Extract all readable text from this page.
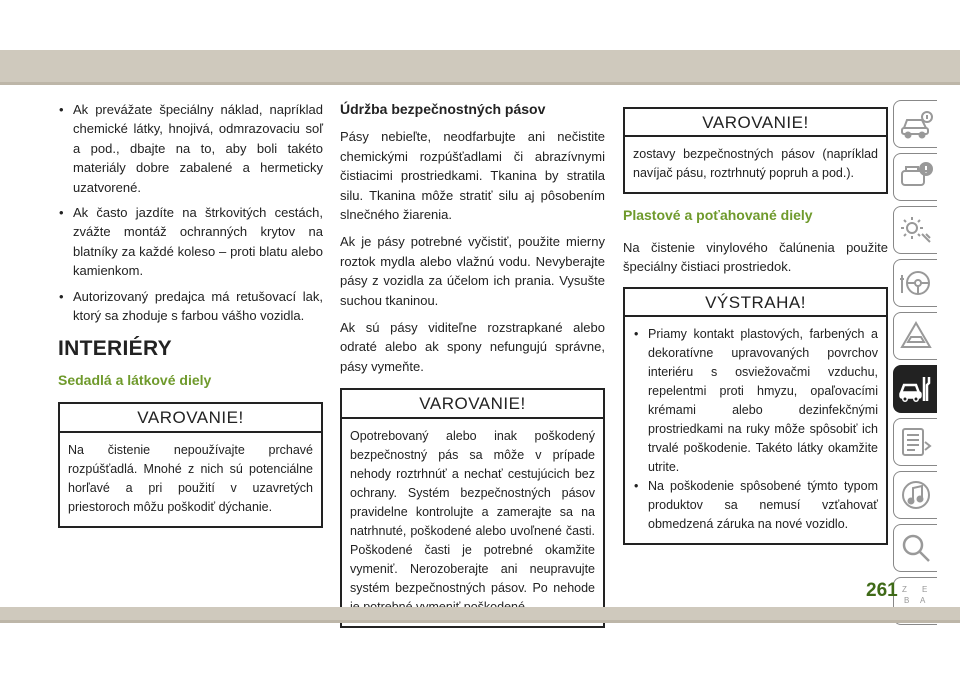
• Ak prevážate špeciálny náklad, napríklad chemické látky, hnojivá, odmrazovaciu soľ a pod., dbajte na to, aby boli takéto materiály dobre zabalené a hermeticky uzatvorené.
• Ak často jazdíte na štrkovitých cestách, zvážte montáž ochranných krytov na blatníky za každé koleso – proti blatu alebo kamienkom.
• Autorizovaný predajca má retušovací lak, ktorý sa zhoduje s farbou vášho vozidla.
INTERIÉRY
Sedadlá a látkové diely
VAROVANIE!
Na čistenie nepoužívajte prchavé rozpúšťadlá. Mnohé z nich sú potenciálne horľavé a pri použití v uzavretých priestoroch môžu poškodiť dýchanie.
Údržba bezpečnostných pásov

Pásy nebieľte, neodfarbujte ani nečistite chemickými rozpúšťadlami či abrazívnymi čistiacimi prostriedkami. Tkanina by stratila silu. Tkanina môže stratiť silu aj pôsobením slnečného žiarenia.

Ak je pásy potrebné vyčistiť, použite mierny roztok mydla alebo vlažnú vodu. Nevyberajte pásy z vozidla za účelom ich prania. Vysušte suchou tkaninou.

Ak sú pásy viditeľne rozstrapkané alebo odraté alebo ak spony nefungujú správne, pásy vymeňte.

VAROVANIE!
Opotrebovaný alebo inak poškodený bezpečnostný pás sa môže v prípade nehody roztrhnúť a nechať cestujúcich bez ochrany. Systém bezpečnostných pásov pravidelne kontrolujte a zamerajte sa na natrhnuté, poškodené alebo uvoľnené časti. Poškodené časti je potrebné okamžite vymeniť. Nerozoberajte ani neupravujte systém bezpečnostných pásov. Po nehode
VAROVANIE!
zostavy bezpečnostných pásov (napríklad navíjač pásu, roztrhnutý popruh a pod.).
Plastové a poťahované diely

Na čistenie vinylového čalúnenia použite špeciálny čistiaci prostriedok.

VÝSTRAHA!
• Priamy kontakt plastových, farbených a dekoratívne upravovaných povrchov interiéru s osviežovačmi vzduchu, repelentmi proti hmyzu, opaľovacími krémami alebo dezinfekčnými prostriedkami na ruky môže spôsobiť ich trvalé poškodenie. Takéto látky okamžite utrite.
• Na poškodenie spôsobené týmto typom produktov sa nemusí vzťahovať obmedzená záruka na nové vozidlo.
Z E
B A
261
